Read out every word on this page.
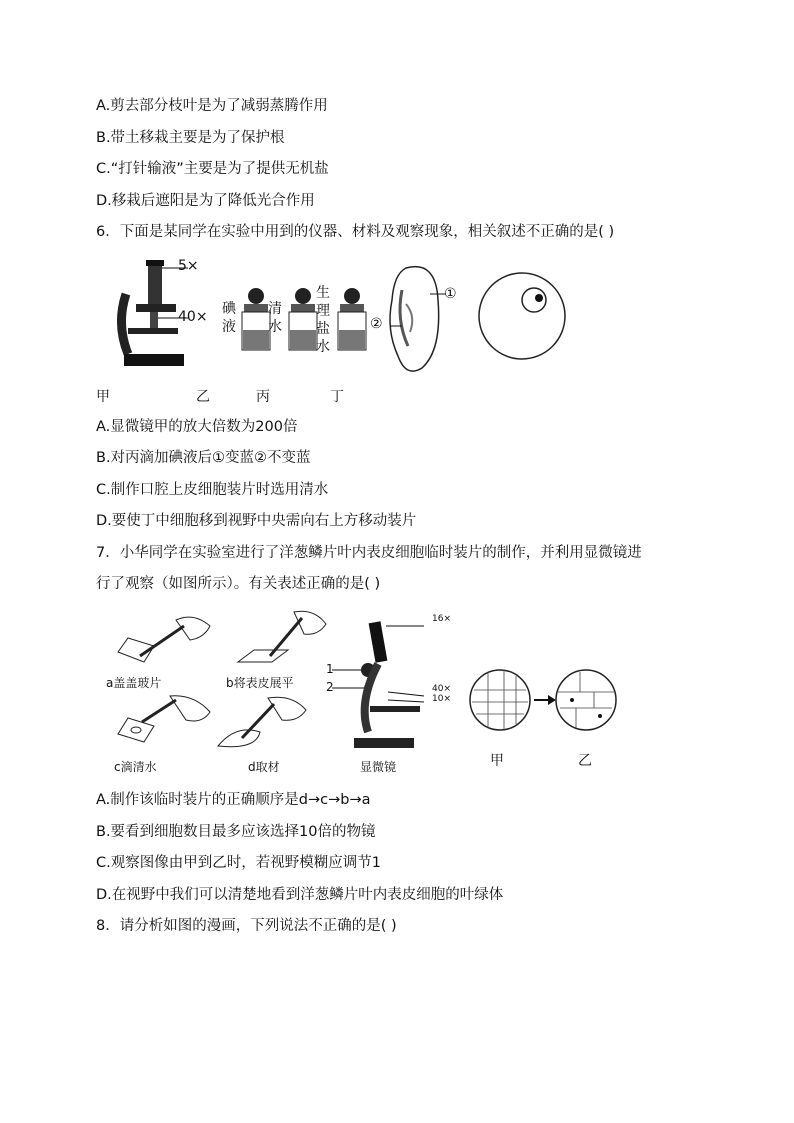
A.剪去部分枝叶是为了减弱蒸腾作用
B.带土移栽主要是为了保护根
C.“打针输液”主要是为了提供无机盐
D.移栽后遮阳是为了降低光合作用
6．下面是某同学在实验中用到的仪器、材料及观察现象，相关叙述不正确的是( )
5×
40× 碘液
清水
生理盐水
①
②
甲	乙	丙	丁
A.显微镜甲的放大倍数为200倍
B.对丙滴加碘液后①变蓝②不变蓝
C.制作口腔上皮细胞装片时选用清水
D.要使丁中细胞移到视野中央需向右上方移动装片
7．小华同学在实验室进行了洋葱鳞片叶内表皮细胞临时装片的制作，并利用显微镜进
行了观察（如图所示）。有关表述正确的是( )
a盖盖玻片	b将表皮展平
c滴清水	d取材
16×
40×
10×
1
2
显微镜	甲	乙
A.制作该临时装片的正确顺序是d→c→b→a
B.要看到细胞数目最多应该选择10倍的物镜
C.观察图像由甲到乙时，若视野模糊应调节1
D.在视野中我们可以清楚地看到洋葱鳞片叶内表皮细胞的叶绿体
8．请分析如图的漫画，下列说法不正确的是( )
